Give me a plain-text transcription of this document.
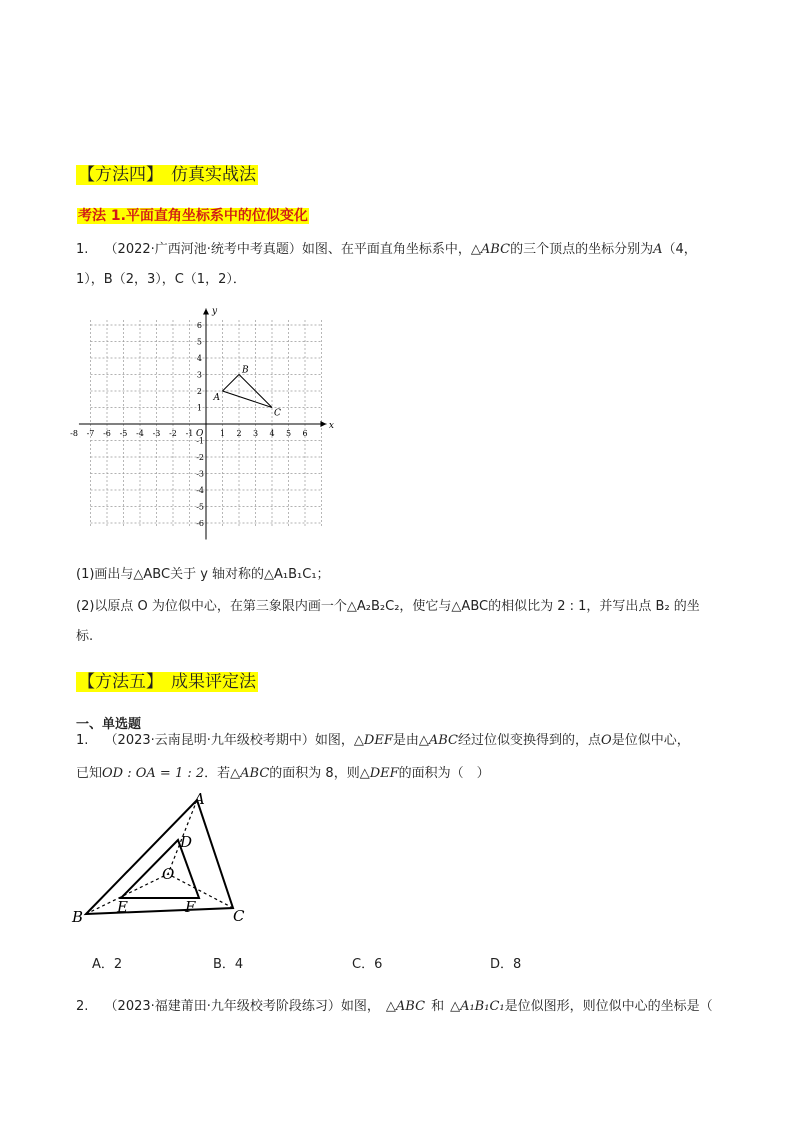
【方法四】 仿真实战法
考法 1.平面直角坐标系中的位似变化
1. （2022·广西河池·统考中考真题）如图、在平面直角坐标系中，△ABC的三个顶点的坐标分别为A（4，
1），B（2，3），C（1，2）．
x
y
-8 -7 -6 -5 -4 -3 -2 -1	1 2 3 4 5 6
6
5
4
3
2
1
-1
-2
-3
-4
-5
-6
O
A
B
C
(1)画出与△ABC关于 y 轴对称的△A₁B₁C₁；
(2)以原点 O 为位似中心，在第三象限内画一个△A₂B₂C₂，使它与△ABC的相似比为 2 : 1，并写出点 B₂ 的坐
标.
【方法五】 成果评定法
一、单选题
1. （2023·云南昆明·九年级校考期中）如图，△DEF是由△ABC经过位似变换得到的，点O是位似中心，
已知OD : OA = 1 : 2．若△ABC的面积为 8，则△DEF的面积为（　）
A
B	C
D
E	F
O
A．2	B．4	C．6	D．8
2. （2023·福建莆田·九年级校考阶段练习）如图， △ABC 和 △A₁B₁C₁是位似图形，则位似中心的坐标是（
